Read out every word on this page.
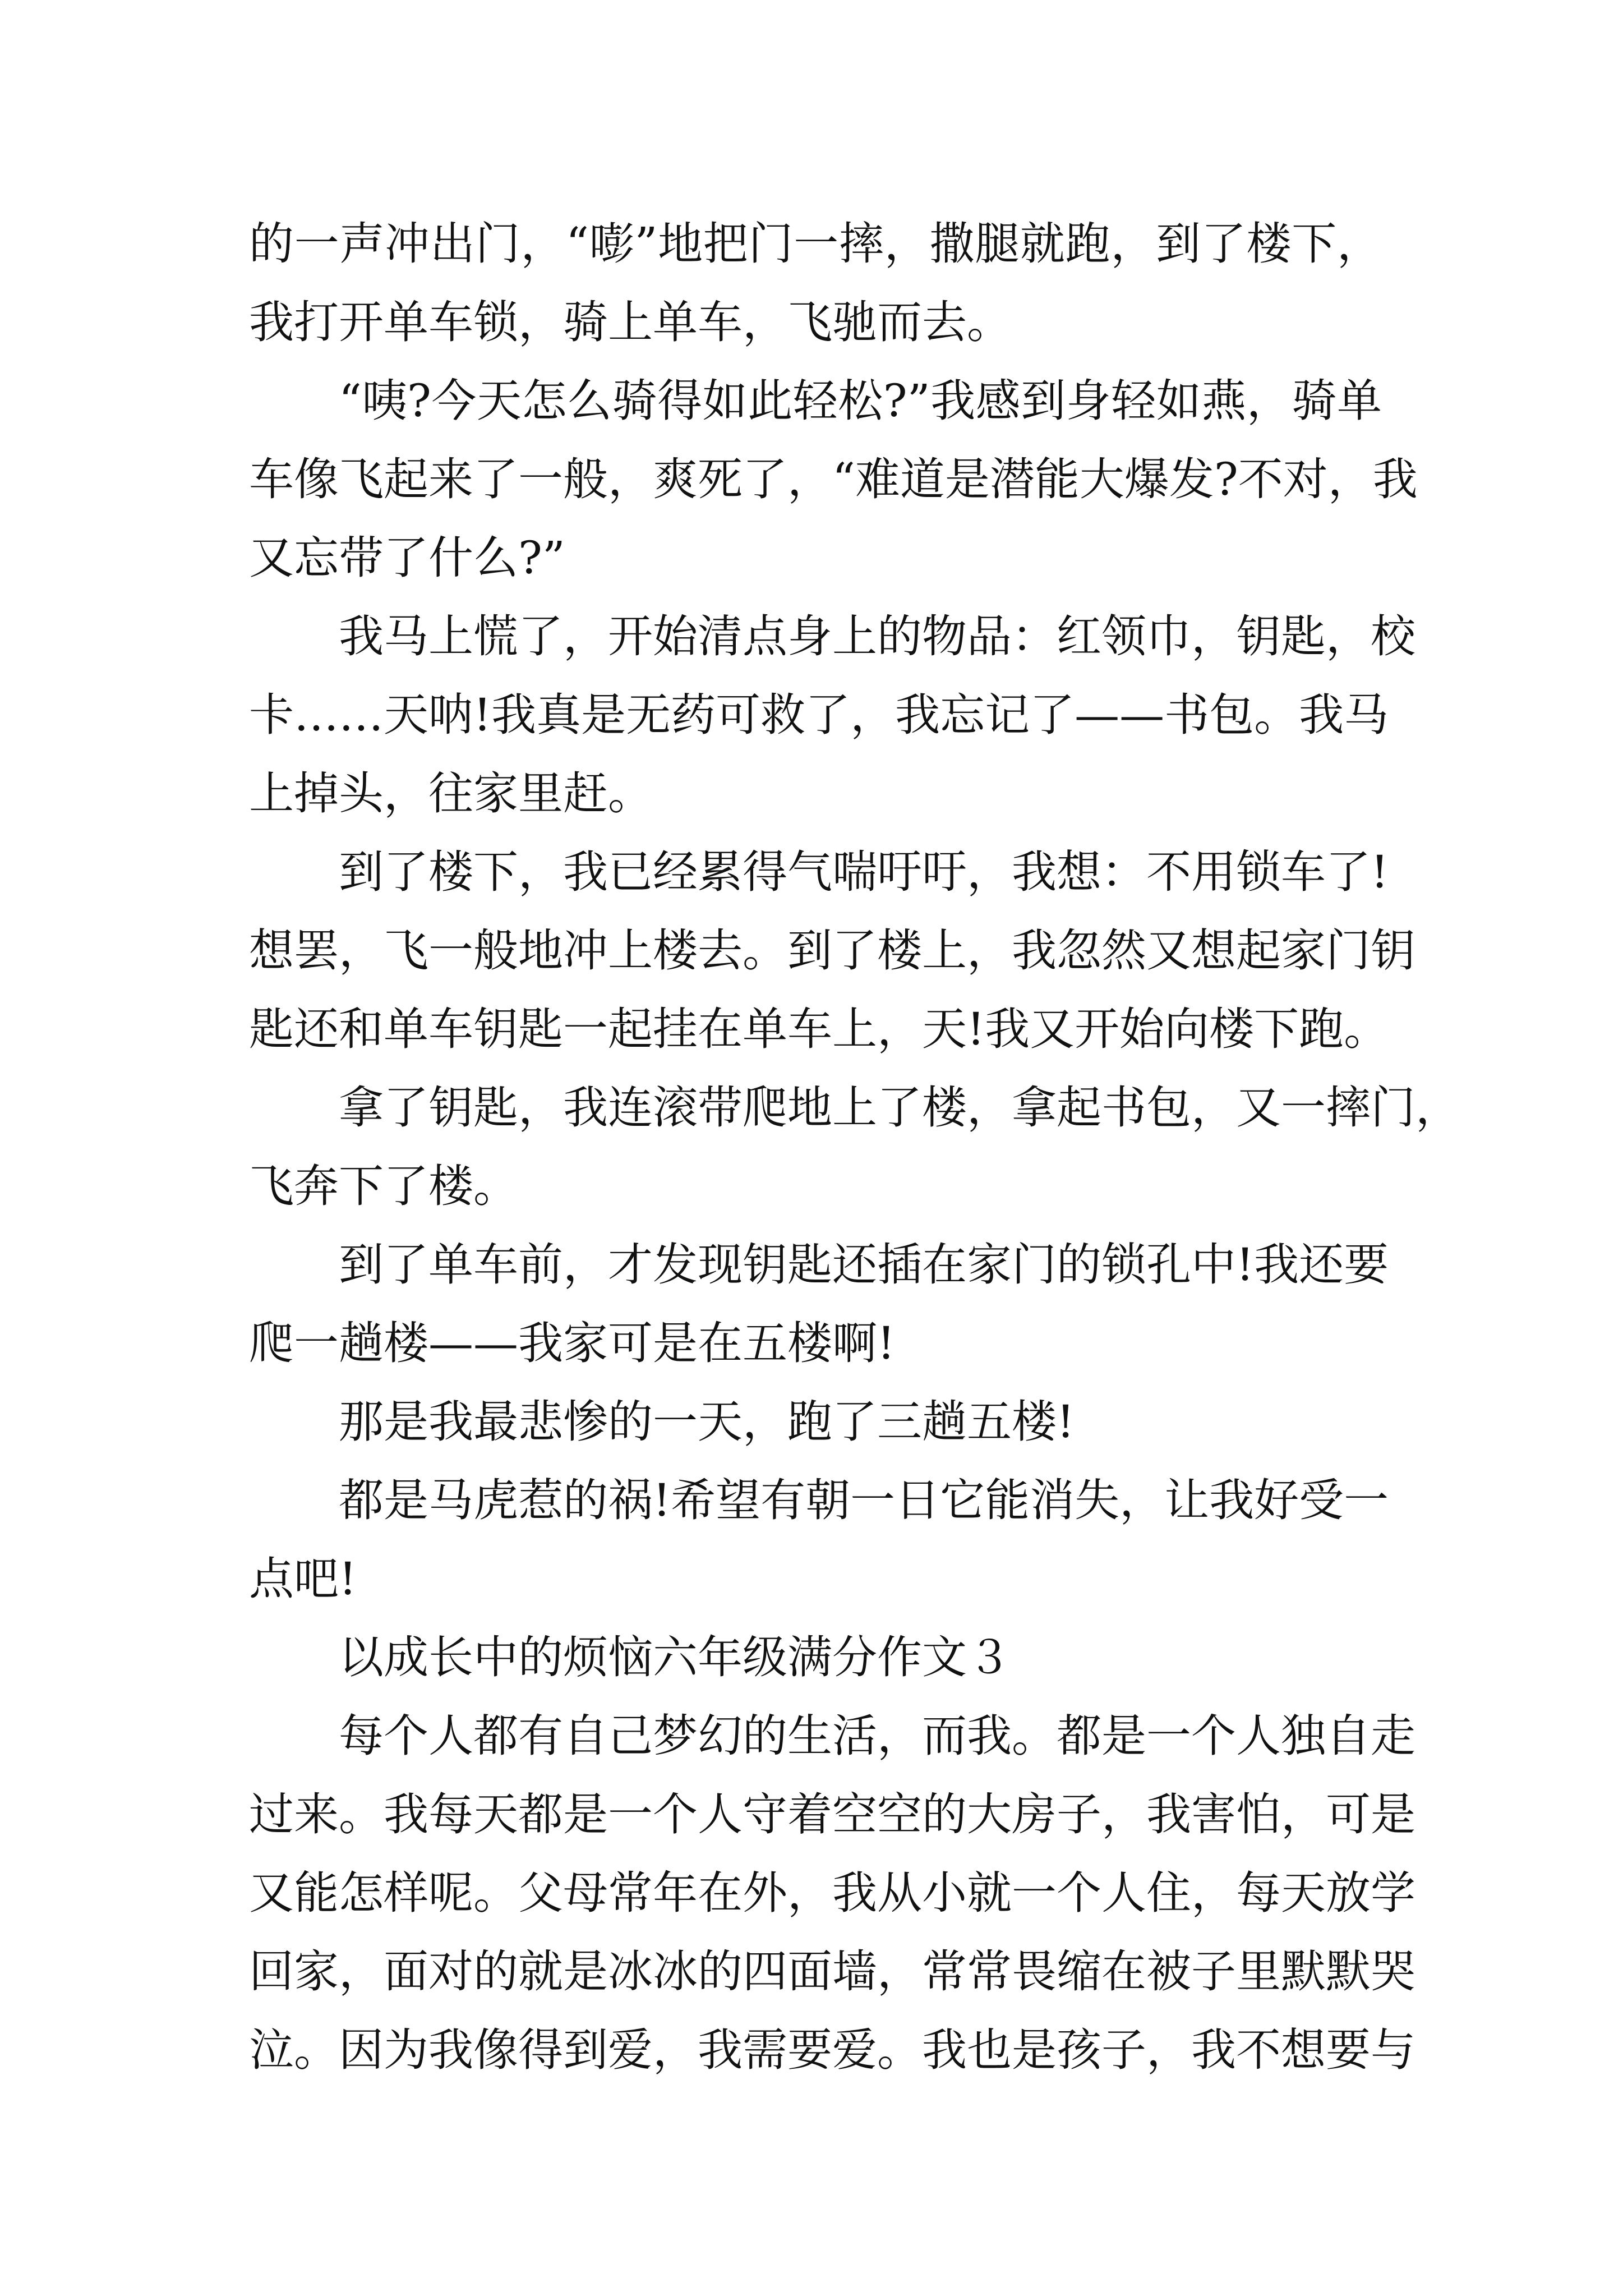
的一声冲出门，“嘭”地把门一摔，撒腿就跑，到了楼下，
我打开单车锁，骑上单车，飞驰而去。

“咦?今天怎么骑得如此轻松?”我感到身轻如燕，骑单
车像飞起来了一般，爽死了，“难道是潜能大爆发?不对，我
又忘带了什么?”

我马上慌了，开始清点身上的物品：红领巾，钥匙，校
卡……天呐!我真是无药可救了，我忘记了——书包。我马
上掉头，往家里赶。

到了楼下，我已经累得气喘吁吁，我想：不用锁车了!
想罢，飞一般地冲上楼去。到了楼上，我忽然又想起家门钥
匙还和单车钥匙一起挂在单车上，天!我又开始向楼下跑。

拿了钥匙，我连滚带爬地上了楼，拿起书包，又一摔门，
飞奔下了楼。

到了单车前，才发现钥匙还插在家门的锁孔中!我还要
爬一趟楼——我家可是在五楼啊!

那是我最悲惨的一天，跑了三趟五楼!

都是马虎惹的祸!希望有朝一日它能消失，让我好受一
点吧!

以成长中的烦恼六年级满分作文３

每个人都有自己梦幻的生活，而我。都是一个人独自走
过来。我每天都是一个人守着空空的大房子，我害怕，可是
又能怎样呢。父母常年在外，我从小就一个人住，每天放学
回家，面对的就是冰冰的四面墙，常常畏缩在被子里默默哭
泣。因为我像得到爱，我需要爱。我也是孩子，我不想要与
